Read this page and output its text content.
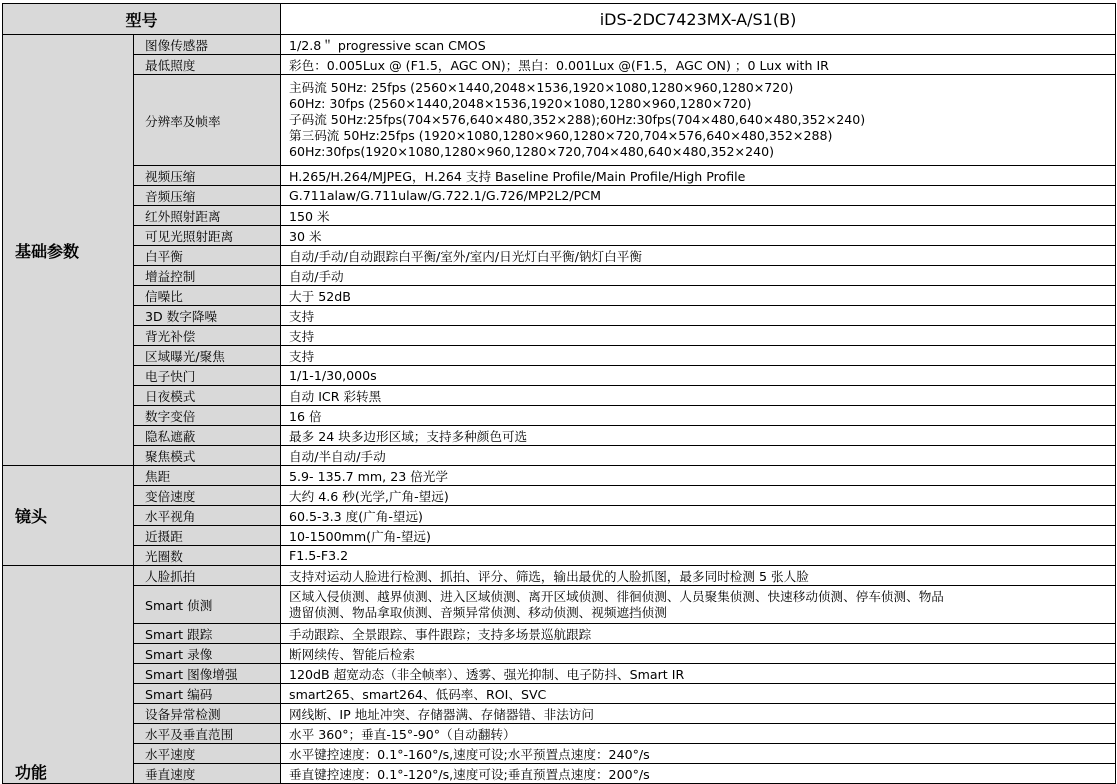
型号		iDS-2DC7423MX-A/S1(B)
基础参数	图像传感器	1/2.8＂ progressive scan CMOS
	最低照度	彩色：0.005Lux @ (F1.5，AGC ON)；黑白：0.001Lux @(F1.5，AGC ON) ；0 Lux with IR
	分辨率及帧率	主码流 50Hz: 25fps (2560×1440,2048×1536,1920×1080,1280×960,1280×720)
60Hz: 30fps (2560×1440,2048×1536,1920×1080,1280×960,1280×720)
子码流 50Hz:25fps(704×576,640×480,352×288);60Hz:30fps(704×480,640×480,352×240)
第三码流 50Hz:25fps (1920×1080,1280×960,1280×720,704×576,640×480,352×288)
60Hz:30fps(1920×1080,1280×960,1280×720,704×480,640×480,352×240)

	视频压缩	H.265/H.264/MJPEG，H.264 支持 Baseline Profile/Main Profile/High Profile
	音频压缩	G.711alaw/G.711ulaw/G.722.1/G.726/MP2L2/PCM
	红外照射距离	150 米
	可见光照射距离	30 米
	白平衡	自动/手动/自动跟踪白平衡/室外/室内/日光灯白平衡/钠灯白平衡
	增益控制	自动/手动
	信噪比	大于 52dB
	3D 数字降噪	支持
	背光补偿	支持
	区域曝光/聚焦	支持
	电子快门	1/1-1/30,000s
	日夜模式	自动 ICR 彩转黑
	数字变倍	16 倍
	隐私遮蔽	最多 24 块多边形区域；支持多种颜色可选
	聚焦模式	自动/半自动/手动
镜头	焦距	5.9- 135.7 mm, 23 倍光学
	变倍速度	大约 4.6 秒(光学,广角-望远)
	水平视角	60.5-3.3 度(广角-望远)
	近摄距	10-1500mm(广角-望远)
	光圈数	F1.5-F3.2
功能	人脸抓拍	支持对运动人脸进行检测、抓拍、评分、筛选，输出最优的人脸抓图，最多同时检测 5 张人脸
	Smart 侦测	区域入侵侦测、越界侦测、进入区域侦测、离开区域侦测、徘徊侦测、人员聚集侦测、快速移动侦测、停车侦测、物品
遗留侦测、物品拿取侦测、音频异常侦测、移动侦测、视频遮挡侦测

	Smart 跟踪	手动跟踪、全景跟踪、事件跟踪；支持多场景巡航跟踪
	Smart 录像	断网续传、智能后检索
	Smart 图像增强	120dB 超宽动态（非全帧率）、透雾、强光抑制、电子防抖、Smart IR
	Smart 编码	smart265、smart264、低码率、ROI、SVC
	设备异常检测	网线断、IP 地址冲突、存储器满、存储器错、非法访问
	水平及垂直范围	水平 360°；垂直-15°-90°（自动翻转）
	水平速度	水平键控速度：0.1°-160°/s,速度可设;水平预置点速度：240°/s
	垂直速度	垂直键控速度：0.1°-120°/s,速度可设;垂直预置点速度：200°/s
